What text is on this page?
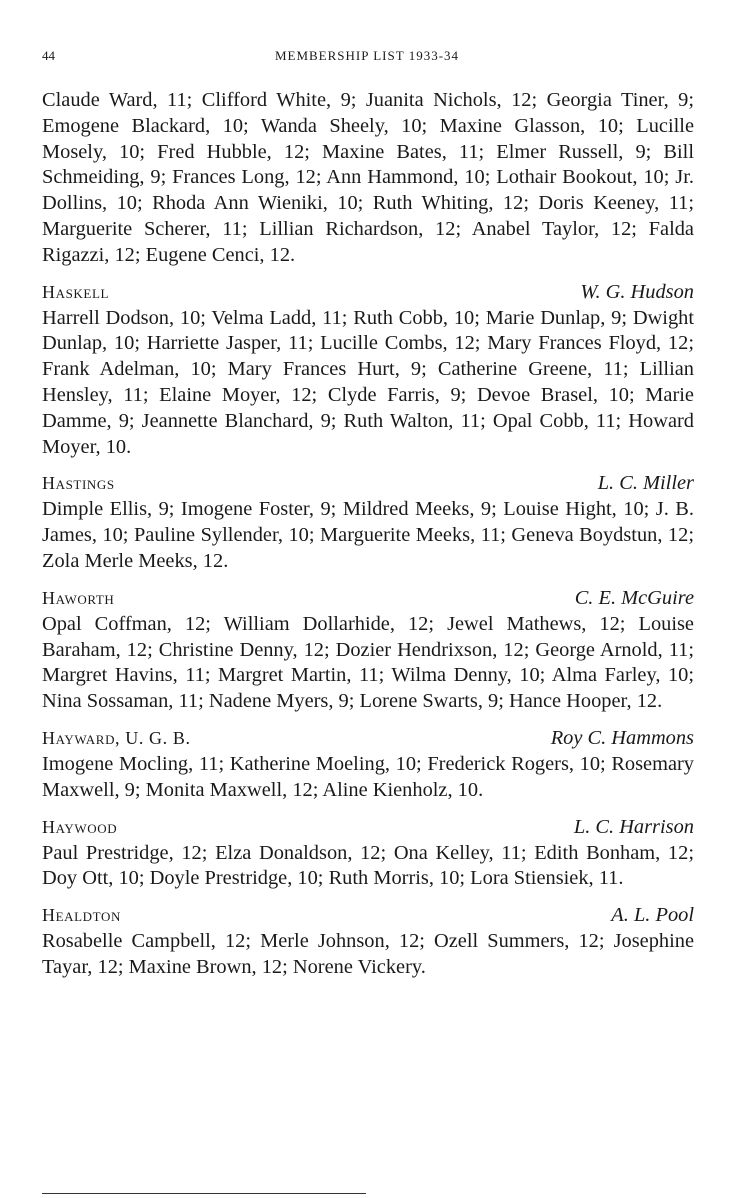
44	MEMBERSHIP LIST 1933-34

Claude Ward, 11; Clifford White, 9; Juanita Nichols, 12; Georgia Tiner, 9; Emogene Blackard, 10; Wanda Sheely, 10; Maxine Glasson, 10; Lucille Mosely, 10; Fred Hubble, 12; Maxine Bates, 11; Elmer Russell, 9; Bill Schmeiding, 9; Frances Long, 12; Ann Hammond, 10; Lothair Bookout, 10; Jr. Dollins, 10; Rhoda Ann Wieniki, 10; Ruth Whiting, 12; Doris Keeney, 11; Marguerite Scherer, 11; Lillian Richardson, 12; Anabel Taylor, 12; Falda Rigazzi, 12; Eugene Cenci, 12.

Haskell	W. G. Hudson

Harrell Dodson, 10; Velma Ladd, 11; Ruth Cobb, 10; Marie Dunlap, 9; Dwight Dunlap, 10; Harriette Jasper, 11; Lucille Combs, 12; Mary Frances Floyd, 12; Frank Adelman, 10; Mary Frances Hurt, 9; Catherine Greene, 11; Lillian Hensley, 11; Elaine Moyer, 12; Clyde Farris, 9; Devoe Brasel, 10; Marie Damme, 9; Jeannette Blanchard, 9; Ruth Walton, 11; Opal Cobb, 11; Howard Moyer, 10.

Hastings	L. C. Miller

Dimple Ellis, 9; Imogene Foster, 9; Mildred Meeks, 9; Louise Hight, 10; J. B. James, 10; Pauline Syllender, 10; Marguerite Meeks, 11; Geneva Boydstun, 12; Zola Merle Meeks, 12.

Haworth	C. E. McGuire

Opal Coffman, 12; William Dollarhide, 12; Jewel Mathews, 12; Louise Baraham, 12; Christine Denny, 12; Dozier Hendrixson, 12; George Arnold, 11; Margret Havins, 11; Margret Martin, 11; Wilma Denny, 10; Alma Farley, 10; Nina Sossaman, 11; Nadene Myers, 9; Lorene Swarts, 9; Hance Hooper, 12.

Hayward, U. G. B.	Roy C. Hammons

Imogene Mocling, 11; Katherine Moeling, 10; Frederick Rogers, 10; Rosemary Maxwell, 9; Monita Maxwell, 12; Aline Kienholz, 10.

Haywood	L. C. Harrison

Paul Prestridge, 12; Elza Donaldson, 12; Ona Kelley, 11; Edith Bonham, 12; Doy Ott, 10; Doyle Prestridge, 10; Ruth Morris, 10; Lora Stiensiek, 11.

Healdton	A. L. Pool

Rosabelle Campbell, 12; Merle Johnson, 12; Ozell Summers, 12; Josephine Tayar, 12; Maxine Brown, 12; Norene Vickery.
